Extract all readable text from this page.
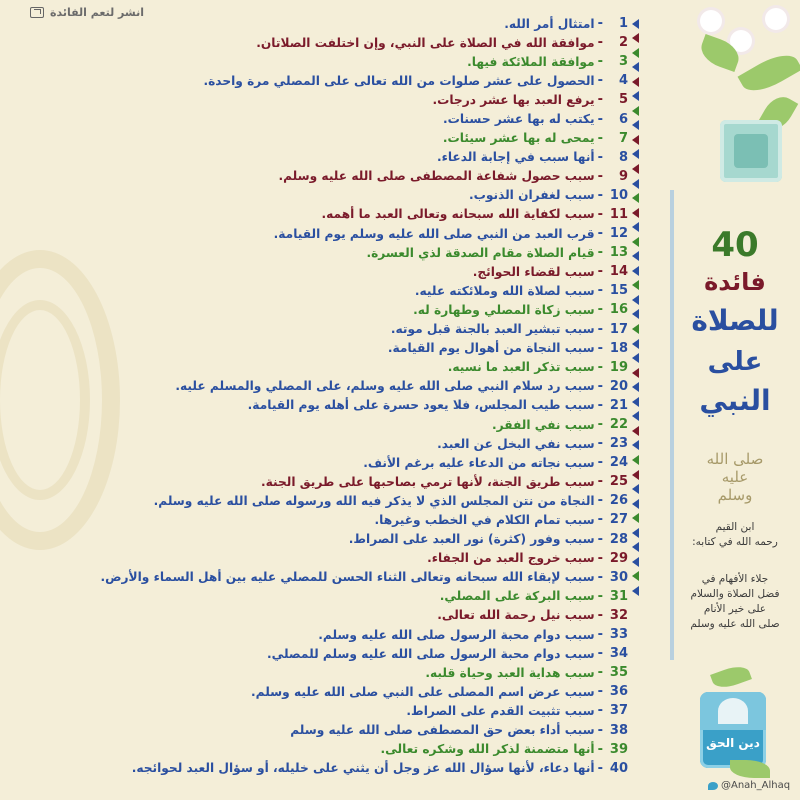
انشر لتعم الفائدة
1
-
امتثال أمر الله.
2
-
موافقة الله في الصلاة على النبي، وإن اختلفت الصلاتان.
3
-
موافقة الملائكة فيها.
4
-
الحصول على عشر صلوات من الله تعالى على المصلي مرة واحدة.
5
-
يرفع العبد بها عشر درجات.
6
-
يكتب له بها عشر حسنات.
7
-
يمحى له بها عشر سيئات.
8
-
أنها سبب في إجابة الدعاء.
9
-
سبب حصول شفاعة المصطفى صلى الله عليه وسلم.
10
-
سبب لغفران الذنوب.
11
-
سبب لكفاية الله سبحانه وتعالى العبد ما أهمه.
12
-
قرب العبد من النبي صلى الله عليه وسلم يوم القيامة.
13
-
قيام الصلاة مقام الصدقة لذي العسرة.
14
-
سبب لقضاء الحوائج.
15
-
سبب لصلاة الله وملائكته عليه.
16
-
سبب زكاة المصلي وطهارة له.
17
-
سبب تبشير العبد بالجنة قبل موته.
18
-
سبب النجاة من أهوال يوم القيامة.
19
-
سبب تذكر العبد ما نسيه.
20
-
سبب رد سلام النبي صلى الله عليه وسلم، على المصلي والمسلم عليه.
21
-
سبب طيب المجلس، فلا يعود حسرة على أهله يوم القيامة.
22
-
سبب نفي الفقر.
23
-
سبب نفي البخل عن العبد.
24
-
سبب نجاته من الدعاء عليه برغم الأنف.
25
-
سبب طريق الجنة، لأنها ترمي بصاحبها على طريق الجنة.
26
-
النجاة من نتن المجلس الذي لا يذكر فيه الله ورسوله صلى الله عليه وسلم.
27
-
سبب تمام الكلام في الخطب وغيرها.
28
-
سبب وفور (كثرة) نور العبد على الصراط.
29
-
سبب خروج العبد من الجفاء.
30
-
سبب لإبقاء الله سبحانه وتعالى الثناء الحسن للمصلي عليه بين أهل السماء والأرض.
31
-
سبب البركة على المصلي.
32
-
سبب نيل رحمة الله تعالى.
33
-
سبب دوام محبة الرسول صلى الله عليه وسلم.
34
-
سبب دوام محبة الرسول صلى الله عليه وسلم للمصلي.
35
-
سبب هداية العبد وحياة قلبه.
36
-
سبب عرض اسم المصلى على النبي صلى الله عليه وسلم.
37
-
سبب تثبيت القدم على الصراط.
38
-
سبب أداء بعض حق المصطفى صلى الله عليه وسلم
39
-
أنها متضمنة لذكر الله وشكره تعالى.
40
-
أنها دعاء، لأنها سؤال الله عز وجل أن يثني على خليله، أو سؤال العبد لحوائجه.
40
فائدة
للصلاة
على
النبي
صلى الله عليه وسلم
ابن القيم
رحمه الله في كتابه:
جلاء الأفهام في
فضل الصلاة والسلام
على خير الأنام
صلى الله عليه وسلم
دين الحق
@Anah_Alhaq
